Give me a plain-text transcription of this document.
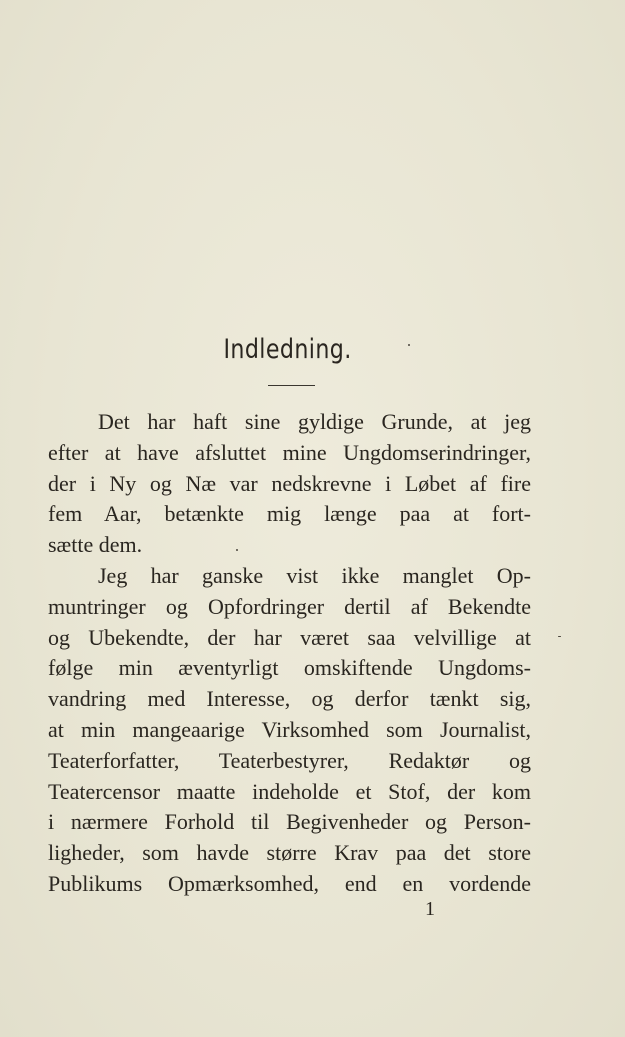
Indledning.
Det har haft sine gyldige Grunde, at jeg
efter at have afsluttet mine Ungdomserindringer,
der i Ny og Næ var nedskrevne i Løbet af fire
fem Aar, betænkte mig længe paa at fort-
sætte dem.
Jeg har ganske vist ikke manglet Op-
muntringer og Opfordringer dertil af Bekendte
og Ubekendte, der har været saa velvillige at
følge min æventyrligt omskiftende Ungdoms-
vandring med Interesse, og derfor tænkt sig,
at min mangeaarige Virksomhed som Journalist,
Teaterforfatter, Teaterbestyrer, Redaktør og
Teatercensor maatte indeholde et Stof, der kom
i nærmere Forhold til Begivenheder og Person-
ligheder, som havde større Krav paa det store
Publikums Opmærksomhed, end en vordende
1
